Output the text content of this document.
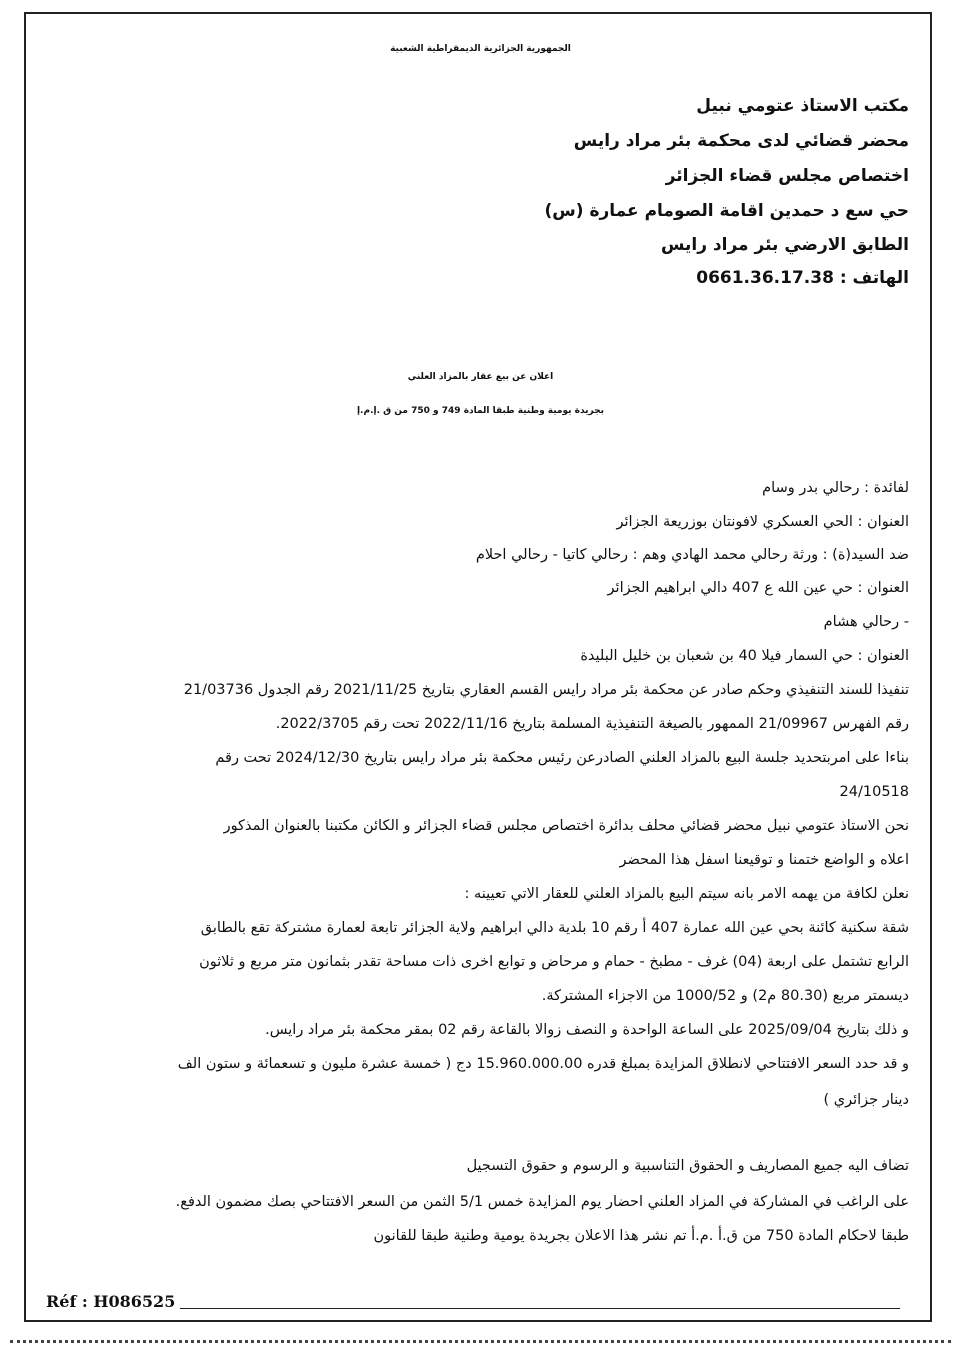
الجمهورية الجزائرية الديمقراطية الشعبية
مكتب الاستاذ عتومي نبيل
محضر قضائي لدى محكمة بئر مراد رايس
اختصاص مجلس قضاء الجزائر
حي سع د حمدين اقامة الصومام عمارة (س)
الطابق الارضي بئر مراد رايس
الهاتف : 0661.36.17.38
اعلان عن بيع عقار بالمزاد العلني
بجريدة يومية وطنية طبقا المادة 749 و 750 من ق .إ.م.إ
لفائدة : رحالي بدر وسام
العنوان : الحي العسكري لافونتان بوزريعة الجزائر
ضد السيد(ة) : ورثة رحالي محمد الهادي وهم : رحالي كاتيا - رحالي احلام
العنوان : حي عين الله ع 407 دالي ابراهيم الجزائر
- رحالي هشام
العنوان : حي السمار فيلا 40 بن شعبان بن خليل البليدة
تنفيذا للسند التنفيذي وحكم صادر عن محكمة بئر مراد رايس القسم العقاري بتاريخ 2021/11/25 رقم الجدول 21/03736
رقم الفهرس 21/09967 الممهور بالصيغة التنفيذية المسلمة بتاريخ 2022/11/16 تحت رقم 2022/3705.
بناءا على امربتحديد جلسة البيع بالمزاد العلني الصادرعن رئيس محكمة بئر مراد رايس بتاريخ 2024/12/30 تحت رقم
24/10518
نحن الاستاذ عتومي نبيل محضر قضائي محلف بدائرة اختصاص مجلس قضاء الجزائر و الكائن مكتبنا بالعنوان المذكور
اعلاه و الواضع ختمنا و توقيعنا اسفل هذا المحضر
نعلن لكافة من يهمه الامر بانه سيتم البيع بالمزاد العلني للعقار الاتي تعيينه :
شقة سكنية كائنة بحي عين الله عمارة 407 أ رقم 10 بلدية دالي ابراهيم ولاية الجزائر تابعة لعمارة مشتركة تقع بالطابق
الرابع تشتمل على اربعة (04) غرف - مطبخ - حمام و مرحاض و توابع اخرى ذات مساحة تقدر بثمانون متر مربع و ثلاثون
ديسمتر مربع (80.30 م2) و 1000/52 من الاجزاء المشتركة.
و ذلك بتاريخ 2025/09/04 على الساعة الواحدة و النصف زوالا بالقاعة رقم 02 بمقر محكمة بئر مراد رايس.
و قد حدد السعر الافتتاحي لانطلاق المزايدة بمبلغ قدره 15.960.000.00 دج ( خمسة عشرة مليون و تسعمائة و ستون الف
دينار جزائري )
تضاف اليه جميع المصاريف و الحقوق التناسبية و الرسوم و حقوق التسجيل
على الراغب في المشاركة في المزاد العلني احضار يوم المزايدة خمس 5/1 الثمن من السعر الافتتاحي بصك مضمون الدفع.
طبقا لاحكام المادة 750 من ق.أ .م.أ تم نشر هذا الاعلان بجريدة يومية وطنية طبقا للقانون
Réf : H086525
